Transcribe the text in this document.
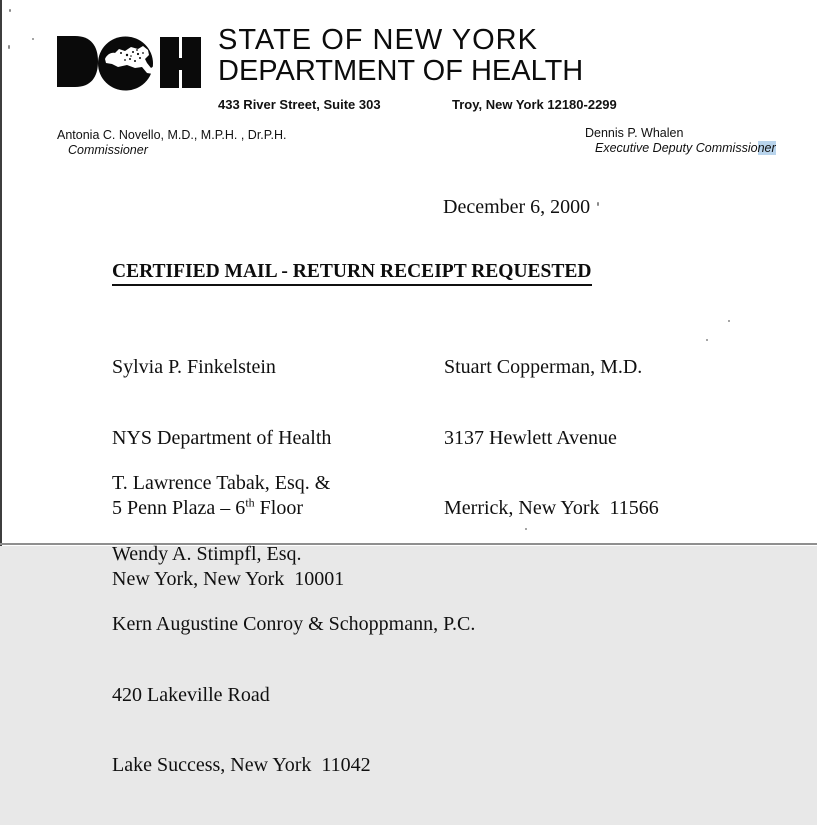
STATE OF NEW YORK
DEPARTMENT OF HEALTH
433 River Street, Suite 303	Troy, New York 12180-2299
Antonia C. Novello, M.D., M.P.H. , Dr.P.H.
Commissioner
Dennis P. Whalen
Executive Deputy Commissioner
December 6, 2000
CERTIFIED MAIL - RETURN RECEIPT REQUESTED

Sylvia P. Finkelstein

NYS Department of Health

5 Penn Plaza – 6th Floor

New York, New York  10001

Stuart Copperman, M.D.

3137 Hewlett Avenue

Merrick, New York  11566

T. Lawrence Tabak, Esq. &

Wendy A. Stimpfl, Esq.

Kern Augustine Conroy & Schoppmann, P.C.

420 Lakeville Road

Lake Success, New York  11042
